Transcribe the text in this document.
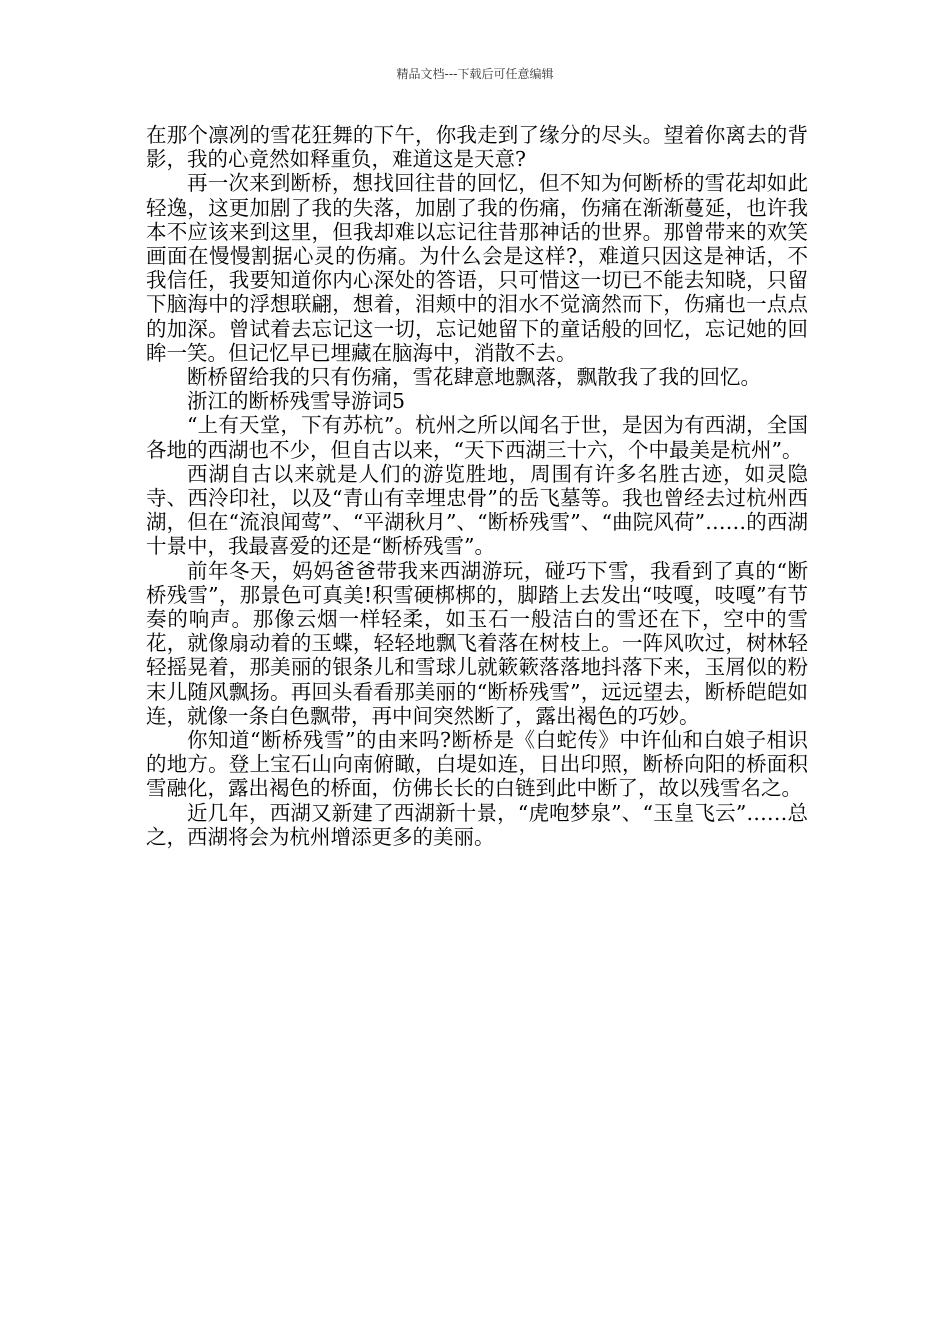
精品文档---下载后可任意编辑

在那个凛冽的雪花狂舞的下午，你我走到了缘分的尽头。望着你离去的背影，我的心竟然如释重负，难道这是天意?

再一次来到断桥，想找回往昔的回忆，但不知为何断桥的雪花却如此轻逸，这更加剧了我的失落，加剧了我的伤痛，伤痛在渐渐蔓延，也许我本不应该来到这里，但我却难以忘记往昔那神话的世界。那曾带来的欢笑画面在慢慢割据心灵的伤痛。为什么会是这样?，难道只因这是神话，不我信任，我要知道你内心深处的答语，只可惜这一切已不能去知晓，只留下脑海中的浮想联翩，想着，泪颊中的泪水不觉滴然而下，伤痛也一点点的加深。曾试着去忘记这一切，忘记她留下的童话般的回忆，忘记她的回眸一笑。但记忆早已埋藏在脑海中，消散不去。

断桥留给我的只有伤痛，雪花肆意地飘落，飘散我了我的回忆。

浙江的断桥残雪导游词5

“上有天堂，下有苏杭”。杭州之所以闻名于世，是因为有西湖，全国各地的西湖也不少，但自古以来，“天下西湖三十六，个中最美是杭州”。

西湖自古以来就是人们的游览胜地，周围有许多名胜古迹，如灵隐寺、西泠印社，以及“青山有幸埋忠骨”的岳飞墓等。我也曾经去过杭州西湖，但在“流浪闻莺”、“平湖秋月”、“断桥残雪”、“曲院风荷”……的西湖十景中，我最喜爱的还是“断桥残雪”。

前年冬天，妈妈爸爸带我来西湖游玩，碰巧下雪，我看到了真的“断桥残雪”，那景色可真美!积雪硬梆梆的，脚踏上去发出“吱嘎，吱嘎”有节奏的响声。那像云烟一样轻柔，如玉石一般洁白的雪还在下，空中的雪花，就像扇动着的玉蝶，轻轻地飘飞着落在树枝上。一阵风吹过，树林轻轻摇晃着，那美丽的银条儿和雪球儿就簌簌落落地抖落下来，玉屑似的粉末儿随风飘扬。再回头看看那美丽的“断桥残雪”，远远望去，断桥皑皑如连，就像一条白色飘带，再中间突然断了，露出褐色的巧妙。

你知道“断桥残雪”的由来吗?断桥是《白蛇传》中许仙和白娘子相识的地方。登上宝石山向南俯瞰，白堤如连，日出印照，断桥向阳的桥面积雪融化，露出褐色的桥面，仿佛长长的白链到此中断了，故以残雪名之。

近几年，西湖又新建了西湖新十景，“虎咆梦泉”、“玉皇飞云”……总之，西湖将会为杭州增添更多的美丽。
